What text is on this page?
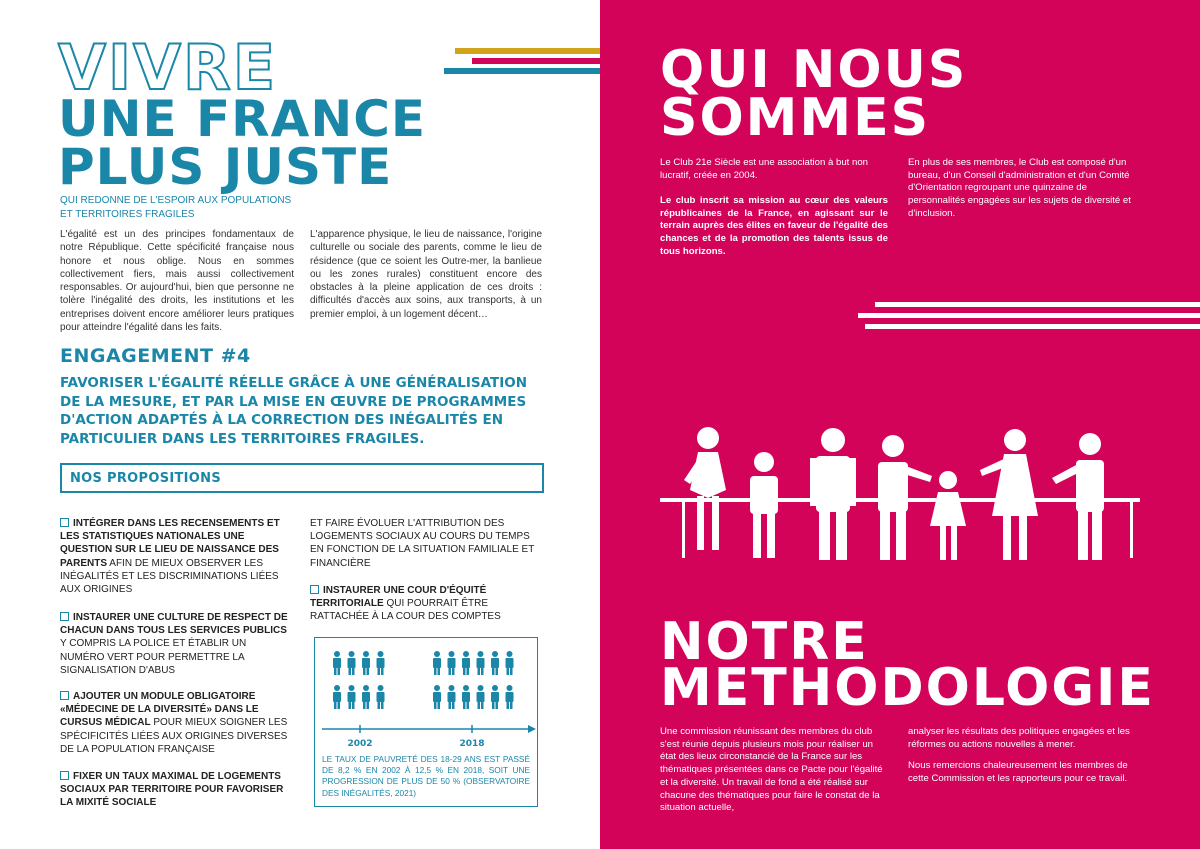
VIVRE
UNE FRANCE
PLUS JUSTE
QUI REDONNE DE L'ESPOIR AUX POPULATIONS
ET TERRITOIRES FRAGILES
L'égalité est un des principes fondamentaux de notre République. Cette spécificité française nous honore et nous oblige. Nous en sommes collectivement fiers, mais aussi collectivement responsables. Or aujourd'hui, bien que personne ne tolère l'inégalité des droits, les institutions et les entreprises doivent encore améliorer leurs pratiques pour atteindre l'égalité dans les faits.
L'apparence physique, le lieu de naissance, l'origine culturelle ou sociale des parents, comme le lieu de résidence (que ce soient les Outre-mer, la banlieue ou les zones rurales) constituent encore des obstacles à la pleine application de ces droits : difficultés d'accès aux soins, aux transports, à un premier emploi, à un logement décent…
ENGAGEMENT #4
FAVORISER L'ÉGALITÉ RÉELLE GRÂCE À UNE GÉNÉRALISATION DE LA MESURE, ET PAR LA MISE EN ŒUVRE DE PROGRAMMES D'ACTION ADAPTÉS À LA CORRECTION DES INÉGALITÉS EN PARTICULIER DANS LES TERRITOIRES FRAGILES.
NOS PROPOSITIONS
INTÉGRER DANS LES RECENSEMENTS ET LES STATISTIQUES NATIONALES UNE QUESTION SUR LE LIEU DE NAISSANCE DES PARENTS AFIN DE MIEUX OBSERVER LES INÉGALITÉS ET LES DISCRIMINATIONS LIÉES AUX ORIGINES
INSTAURER UNE CULTURE DE RESPECT DE CHACUN DANS TOUS LES SERVICES PUBLICS Y COMPRIS LA POLICE ET ÉTABLIR UN NUMÉRO VERT POUR PERMETTRE LA SIGNALISATION D'ABUS
AJOUTER UN MODULE OBLIGATOIRE «MÉDECINE DE LA DIVERSITÉ» DANS LE CURSUS MÉDICAL POUR MIEUX SOIGNER LES SPÉCIFICITÉS LIÉES AUX ORIGINES DIVERSES DE LA POPULATION FRANÇAISE
FIXER UN TAUX MAXIMAL DE LOGEMENTS SOCIAUX PAR TERRITOIRE POUR FAVORISER LA MIXITÉ SOCIALE
ET FAIRE ÉVOLUER L'ATTRIBUTION DES LOGEMENTS SOCIAUX AU COURS DU TEMPS EN FONCTION DE LA SITUATION FAMILIALE ET FINANCIÈRE
INSTAURER UNE COUR D'ÉQUITÉ TERRITORIALE QUI POURRAIT ÊTRE RATTACHÉE À LA COUR DES COMPTES
2002	2018
LE TAUX DE PAUVRETÉ DES 18-29 ANS EST PASSÉ DE 8,2 % EN 2002 À 12,5 % EN 2018, SOIT UNE PROGRESSION DE PLUS DE 50 % (OBSERVATOIRE DES INÉGALITÉS, 2021)
QUI NOUS
SOMMES
Le Club 21e Siècle est une association à but non lucratif, créée en 2004.
Le club inscrit sa mission au cœur des valeurs républicaines de la France, en agissant sur le terrain auprès des élites en faveur de l'égalité des chances et de la promotion des talents issus de tous horizons.
En plus de ses membres, le Club est composé d'un bureau, d'un Conseil d'administration et d'un Comité d'Orientation regroupant une quinzaine de personnalités engagées sur les sujets de diversité et d'inclusion.
NOTRE
METHODOLOGIE
Une commission réunissant des membres du club s'est réunie depuis plusieurs mois pour réaliser un état des lieux circonstancié de la France sur les thématiques présentées dans ce Pacte pour l'égalité et la diversité. Un travail de fond a été réalisé sur chacune des thématiques pour faire le constat de la situation actuelle,
analyser les résultats des politiques engagées et les réformes ou actions nouvelles à mener.
Nous remercions chaleureusement les membres de cette Commission et les rapporteurs pour ce travail.
